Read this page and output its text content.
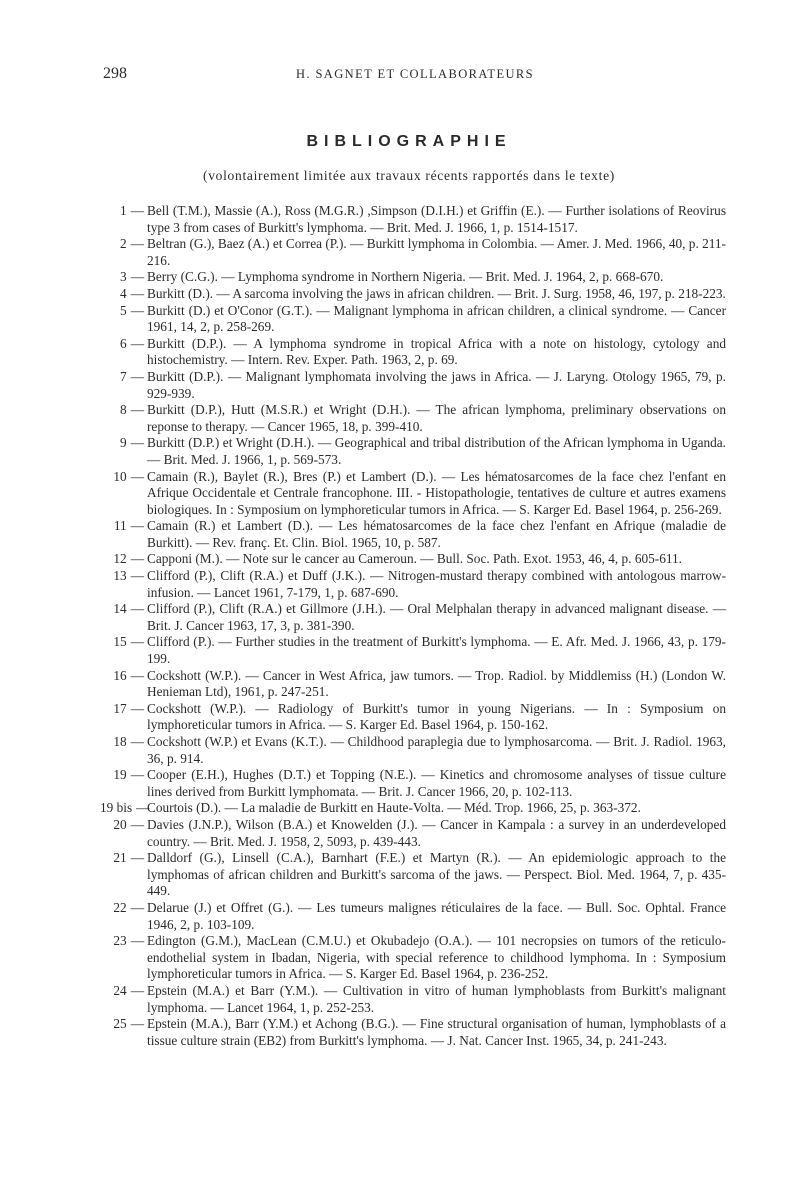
298	H. SAGNET ET COLLABORATEURS
BIBLIOGRAPHIE
(volontairement limitée aux travaux récents rapportés dans le texte)
1 — Bell (T.M.), Massie (A.), Ross (M.G.R.) ,Simpson (D.I.H.) et Griffin (E.). — Further isolations of Reovirus type 3 from cases of Burkitt's lymphoma. — Brit. Med. J. 1966, 1, p. 1514-1517.
2 — Beltran (G.), Baez (A.) et Correa (P.). — Burkitt lymphoma in Colombia. — Amer. J. Med. 1966, 40, p. 211-216.
3 — Berry (C.G.). — Lymphoma syndrome in Northern Nigeria. — Brit. Med. J. 1964, 2, p. 668-670.
4 — Burkitt (D.). — A sarcoma involving the jaws in african children. — Brit. J. Surg. 1958, 46, 197, p. 218-223.
5 — Burkitt (D.) et O'Conor (G.T.). — Malignant lymphoma in african children, a clinical syndrome. — Cancer 1961, 14, 2, p. 258-269.
6 — Burkitt (D.P.). — A lymphoma syndrome in tropical Africa with a note on histology, cytology and histochemistry. — Intern. Rev. Exper. Path. 1963, 2, p. 69.
7 — Burkitt (D.P.). — Malignant lymphomata involving the jaws in Africa. — J. Laryng. Otology 1965, 79, p. 929-939.
8 — Burkitt (D.P.), Hutt (M.S.R.) et Wright (D.H.). — The african lymphoma, preliminary observations on reponse to therapy. — Cancer 1965, 18, p. 399-410.
9 — Burkitt (D.P.) et Wright (D.H.). — Geographical and tribal distribution of the African lymphoma in Uganda. — Brit. Med. J. 1966, 1, p. 569-573.
10 — Camain (R.), Baylet (R.), Bres (P.) et Lambert (D.). — Les hématosarcomes de la face chez l'enfant en Afrique Occidentale et Centrale francophone. III. - Histopathologie, tentatives de culture et autres examens biologiques. In : Symposium on lymphoreticular tumors in Africa. — S. Karger Ed. Basel 1964, p. 256-269.
11 — Camain (R.) et Lambert (D.). — Les hématosarcomes de la face chez l'enfant en Afrique (maladie de Burkitt). — Rev. franç. Et. Clin. Biol. 1965, 10, p. 587.
12 — Capponi (M.). — Note sur le cancer au Cameroun. — Bull. Soc. Path. Exot. 1953, 46, 4, p. 605-611.
13 — Clifford (P.), Clift (R.A.) et Duff (J.K.). — Nitrogen-mustard therapy combined with antologous marrow-infusion. — Lancet 1961, 7-179, 1, p. 687-690.
14 — Clifford (P.), Clift (R.A.) et Gillmore (J.H.). — Oral Melphalan therapy in advanced malignant disease. — Brit. J. Cancer 1963, 17, 3, p. 381-390.
15 — Clifford (P.). — Further studies in the treatment of Burkitt's lymphoma. — E. Afr. Med. J. 1966, 43, p. 179-199.
16 — Cockshott (W.P.). — Cancer in West Africa, jaw tumors. — Trop. Radiol. by Middlemiss (H.) (London W. Henieman Ltd), 1961, p. 247-251.
17 — Cockshott (W.P.). — Radiology of Burkitt's tumor in young Nigerians. — In : Symposium on lymphoreticular tumors in Africa. — S. Karger Ed. Basel 1964, p. 150-162.
18 — Cockshott (W.P.) et Evans (K.T.). — Childhood paraplegia due to lymphosarcoma. — Brit. J. Radiol. 1963, 36, p. 914.
19 — Cooper (E.H.), Hughes (D.T.) et Topping (N.E.). — Kinetics and chromosome analyses of tissue culture lines derived from Burkitt lymphomata. — Brit. J. Cancer 1966, 20, p. 102-113.
19 bis —
Courtois (D.). — La maladie de Burkitt en Haute-Volta. — Méd. Trop. 1966, 25, p. 363-372.
20 — Davies (J.N.P.), Wilson (B.A.) et Knowelden (J.). — Cancer in Kampala : a survey in an underdeveloped country. — Brit. Med. J. 1958, 2, 5093, p. 439-443.
21 — Dalldorf (G.), Linsell (C.A.), Barnhart (F.E.) et Martyn (R.). — An epidemiologic approach to the lymphomas of african children and Burkitt's sarcoma of the jaws. — Perspect. Biol. Med. 1964, 7, p. 435-449.
22 — Delarue (J.) et Offret (G.). — Les tumeurs malignes réticulaires de la face. — Bull. Soc. Ophtal. France 1946, 2, p. 103-109.
23 — Edington (G.M.), MacLean (C.M.U.) et Okubadejo (O.A.). — 101 necropsies on tumors of the reticulo-endothelial system in Ibadan, Nigeria, with special reference to childhood lymphoma. In : Symposium lymphoreticular tumors in Africa. — S. Karger Ed. Basel 1964, p. 236-252.
24 — Epstein (M.A.) et Barr (Y.M.). — Cultivation in vitro of human lymphoblasts from Burkitt's malignant lymphoma. — Lancet 1964, 1, p. 252-253.
25 — Epstein (M.A.), Barr (Y.M.) et Achong (B.G.). — Fine structural organisation of human, lymphoblasts of a tissue culture strain (EB2) from Burkitt's lymphoma. — J. Nat. Cancer Inst. 1965, 34, p. 241-243.
